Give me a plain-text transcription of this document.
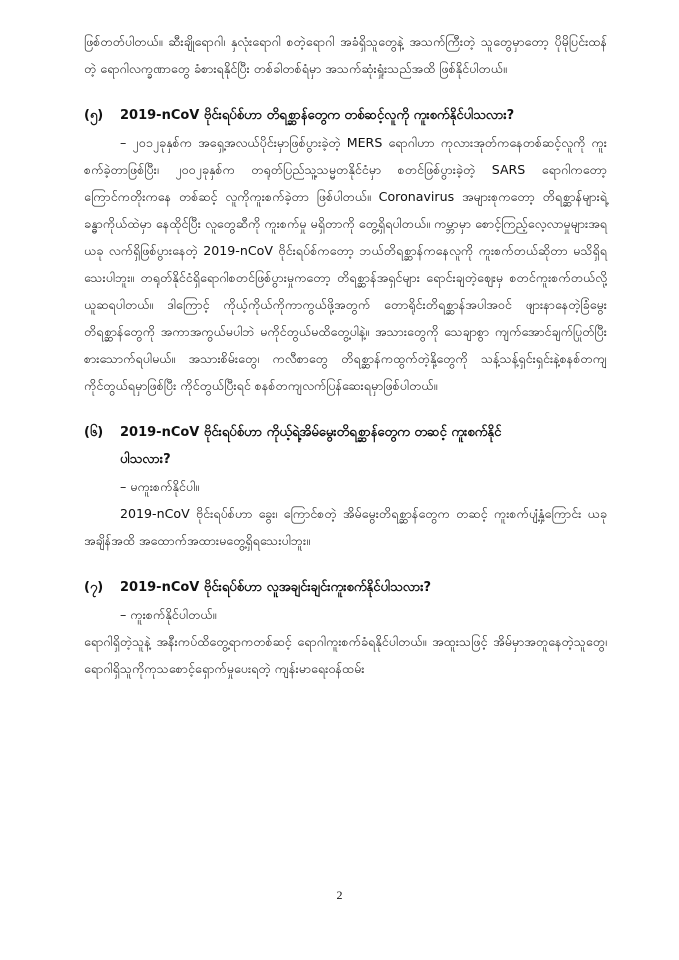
ဖြစ်တတ်ပါတယ်။ ဆီးချိုရောဂါ၊ နှလုံးရောဂါ စတဲ့ရောဂါ အခံရှိသူတွေနဲ့ အသက်ကြီးတဲ့ သူတွေမှာတော့ ပိုမိုပြင်းထန်တဲ့ ရောဂါလက္ခဏာတွေ ခံစားရနိုင်ပြီး တစ်ခါတစ်ရံမှာ အသက်ဆုံးရှုံးသည်အထိ ဖြစ်နိုင်ပါတယ်။

(၅) 2019-nCoV ဗိုင်းရပ်စ်ဟာ တိရစ္ဆာန်တွေက တစ်ဆင့်လူကို ကူးစက်နိုင်ပါသလား?

– ၂၀၁၂ခုနှစ်က အရှေ့အလယ်ပိုင်းမှာဖြစ်ပွားခဲ့တဲ့ MERS ရောဂါဟာ ကုလားအုတ်ကနေတစ်ဆင့်လူကို ကူးစက်ခဲ့တာဖြစ်ပြီး၊ ၂၀၀၂ခုနှစ်က တရုတ်ပြည်သူ့သမ္မတနိုင်ငံမှာ စတင်ဖြစ်ပွားခဲ့တဲ့ SARS ရောဂါကတော့ ကြောင်ကတိုးကနေ တစ်ဆင့် လူကိုကူးစက်ခဲ့တာ ဖြစ်ပါတယ်။ Coronavirus အများစုကတော့ တိရစ္ဆာန်များရဲ့ခန္ဓာကိုယ်ထဲမှာ နေထိုင်ပြီး လူတွေဆီကို ကူးစက်မှု မရှိတာကို တွေ့ရှိရပါတယ်။ ကမ္ဘာမှာ စောင့်ကြည့်လေ့လာမှုများအရ ယခု လက်ရှိဖြစ်ပွားနေတဲ့ 2019-nCoV ဗိုင်းရပ်စ်ကတော့ ဘယ်တိရစ္ဆာန်ကနေလူကို ကူးစက်တယ်ဆိုတာ မသိရှိရသေးပါဘူး။ တရုတ်နိုင်ငံရှိရောဂါစတင်ဖြစ်ပွားမှုကတော့ တိရစ္ဆာန်အရှင်များ ရောင်းချတဲ့ဈေးမှ စတင်ကူးစက်တယ်လို့ ယူဆရပါတယ်။ ဒါကြောင့် ကိုယ့်ကိုယ်ကိုကာကွယ်ဖို့အတွက် တောရိုင်းတိရစ္ဆာန်အပါအဝင် ဖျားနာနေတဲ့ခြံမွေး တိရစ္ဆာန်တွေကို အကာအကွယ်မပါဘဲ မကိုင်တွယ်မထိတွေ့ပါနဲ့။ အသားတွေကို သေချာစွာ ကျက်အောင်ချက်ပြုတ်ပြီး စားသောက်ရပါမယ်။ အသားစိမ်းတွေ၊ ကလီစာတွေ တိရစ္ဆာန်ကထွက်တဲ့နို့တွေကို သန့်သန့်ရှင်းရှင်းနဲ့စနစ်တကျ ကိုင်တွယ်ရမှာဖြစ်ပြီး ကိုင်တွယ်ပြီးရင် စနစ်တကျလက်ပြန်ဆေးရမှာဖြစ်ပါတယ်။

(၆) 2019-nCoV ဗိုင်းရပ်စ်ဟာ ကိုယ့်ရဲ့အိမ်မွေးတိရစ္ဆာန်တွေက တဆင့် ကူးစက်နိုင်

ပါသလား?

– မကူးစက်နိုင်ပါ။

2019-nCoV ဗိုင်းရပ်စ်ဟာ ခွေး၊ ကြောင်စတဲ့ အိမ်မွေးတိရစ္ဆာန်တွေက တဆင့် ကူးစက်ပျံ့နှံ့ကြောင်း ယခုအချိန်အထိ အထောက်အထားမတွေ့ရှိရသေးပါဘူး။

(၇) 2019-nCoV ဗိုင်းရပ်စ်ဟာ လူအချင်းချင်းကူးစက်နိုင်ပါသလား?

– ကူးစက်နိုင်ပါတယ်။

ရောဂါရှိတဲ့သူနဲ့ အနီးကပ်ထိတွေ့ရာကတစ်ဆင့် ရောဂါကူးစက်ခံရနိုင်ပါတယ်။ အထူးသဖြင့် အိမ်မှာအတူနေတဲ့သူတွေ၊ ရောဂါရှိသူကိုကုသစောင့်ရှောက်မှုပေးရတဲ့ ကျန်းမာရေးဝန်ထမ်း

2
